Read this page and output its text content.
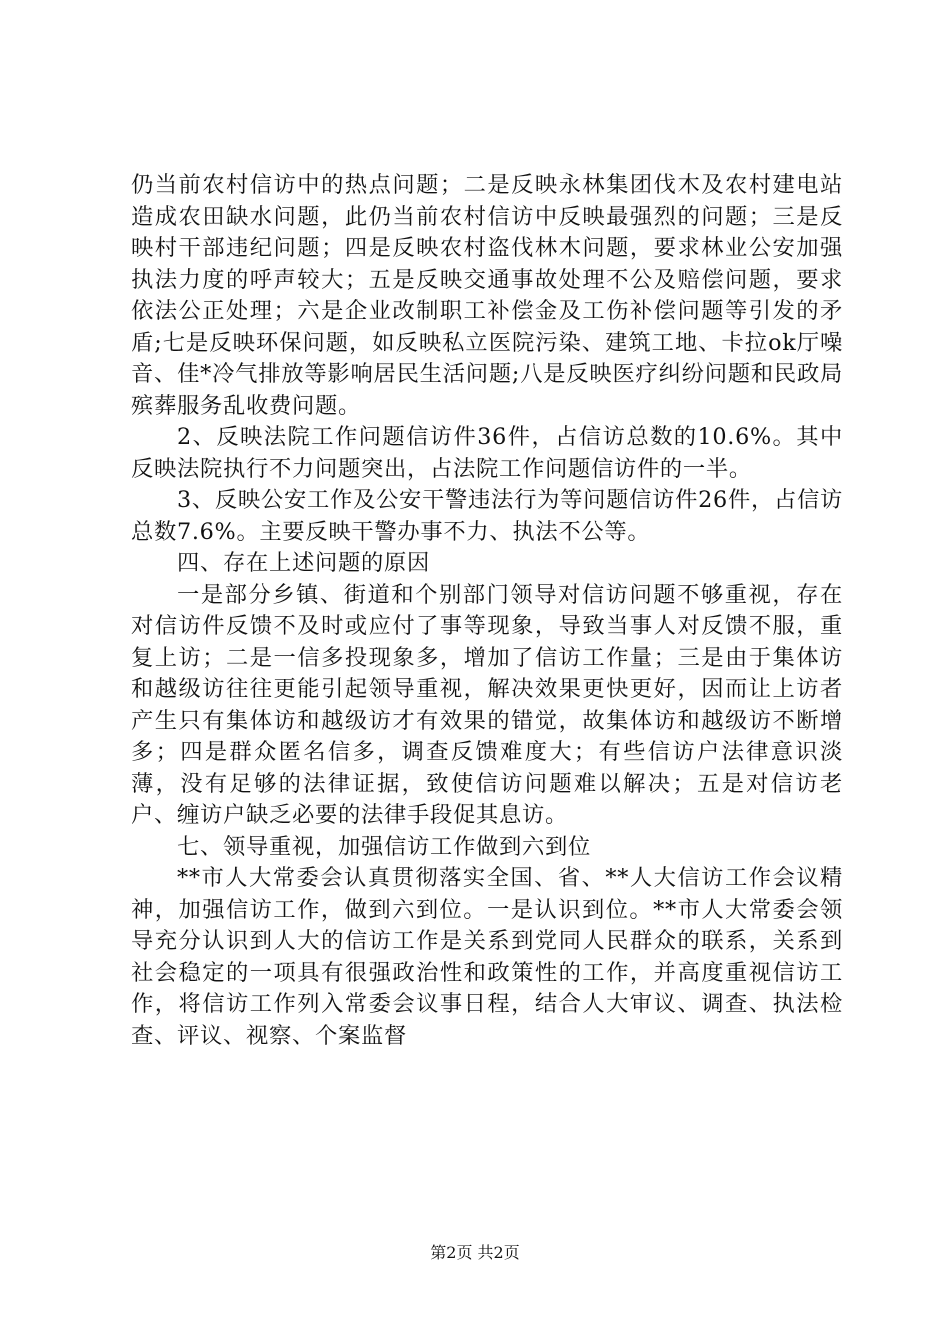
仍当前农村信访中的热点问题；二是反映永林集团伐木及农村建电站造成农田缺水问题，此仍当前农村信访中反映最强烈的问题；三是反映村干部违纪问题；四是反映农村盗伐林木问题，要求林业公安加强执法力度的呼声较大；五是反映交通事故处理不公及赔偿问题，要求依法公正处理；六是企业改制职工补偿金及工伤补偿问题等引发的矛盾;七是反映环保问题，如反映私立医院污染、建筑工地、卡拉ok厅噪音、佳*冷气排放等影响居民生活问题;八是反映医疗纠纷问题和民政局殡葬服务乱收费问题。

2、反映法院工作问题信访件36件，占信访总数的10.6%。其中反映法院执行不力问题突出，占法院工作问题信访件的一半。

3、反映公安工作及公安干警违法行为等问题信访件26件，占信访总数7.6%。主要反映干警办事不力、执法不公等。

四、存在上述问题的原因

一是部分乡镇、街道和个别部门领导对信访问题不够重视，存在对信访件反馈不及时或应付了事等现象，导致当事人对反馈不服，重复上访；二是一信多投现象多，增加了信访工作量；三是由于集体访和越级访往往更能引起领导重视，解决效果更快更好，因而让上访者产生只有集体访和越级访才有效果的错觉，故集体访和越级访不断增多；四是群众匿名信多，调查反馈难度大；有些信访户法律意识淡薄，没有足够的法律证据，致使信访问题难以解决；五是对信访老户、缠访户缺乏必要的法律手段促其息访。

七、领导重视，加强信访工作做到六到位

**市人大常委会认真贯彻落实全国、省、**人大信访工作会议精神，加强信访工作，做到六到位。一是认识到位。**市人大常委会领导充分认识到人大的信访工作是关系到党同人民群众的联系，关系到社会稳定的一项具有很强政治性和政策性的工作，并高度重视信访工作，将信访工作列入常委会议事日程，结合人大审议、调查、执法检查、评议、视察、个案监督

第2页 共2页
